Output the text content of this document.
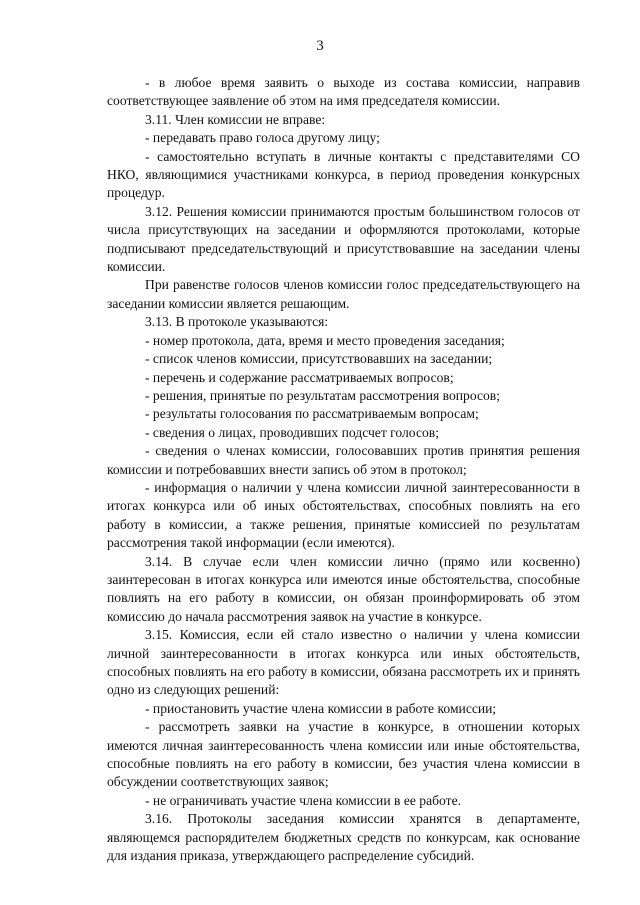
3

- в любое время заявить о выходе из состава комиссии, направив соответствующее заявление об этом на имя председателя комиссии.

3.11. Член комиссии не вправе:

- передавать право голоса другому лицу;

- самостоятельно вступать в личные контакты с представителями СО НКО, являющимися участниками конкурса, в период проведения конкурсных процедур.

3.12. Решения комиссии принимаются простым большинством голосов от числа присутствующих на заседании и оформляются протоколами, которые подписывают председательствующий и присутствовавшие на заседании члены комиссии.

При равенстве голосов членов комиссии голос председательствующего на заседании комиссии является решающим.

3.13. В протоколе указываются:

- номер протокола, дата, время и место проведения заседания;

- список членов комиссии, присутствовавших на заседании;

- перечень и содержание рассматриваемых вопросов;

- решения, принятые по результатам рассмотрения вопросов;

- результаты голосования по рассматриваемым вопросам;

- сведения о лицах, проводивших подсчет голосов;

- сведения о членах комиссии, голосовавших против принятия решения комиссии и потребовавших внести запись об этом в протокол;

- информация о наличии у члена комиссии личной заинтересованности в итогах конкурса или об иных обстоятельствах, способных повлиять на его работу в комиссии, а также решения, принятые комиссией по результатам рассмотрения такой информации (если имеются).

3.14. В случае если член комиссии лично (прямо или косвенно) заинтересован в итогах конкурса или имеются иные обстоятельства, способные повлиять на его работу в комиссии, он обязан проинформировать об этом комиссию до начала рассмотрения заявок на участие в конкурсе.

3.15. Комиссия, если ей стало известно о наличии у члена комиссии личной заинтересованности в итогах конкурса или иных обстоятельств, способных повлиять на его работу в комиссии, обязана рассмотреть их и принять одно из следующих решений:

- приостановить участие члена комиссии в работе комиссии;

- рассмотреть заявки на участие в конкурсе, в отношении которых имеются личная заинтересованность члена комиссии или иные обстоятельства, способные повлиять на его работу в комиссии, без участия члена комиссии в обсуждении соответствующих заявок;

- не ограничивать участие члена комиссии в ее работе.

3.16. Протоколы заседания комиссии хранятся в департаменте, являющемся распорядителем бюджетных средств по конкурсам, как основание для издания приказа, утверждающего распределение субсидий.
